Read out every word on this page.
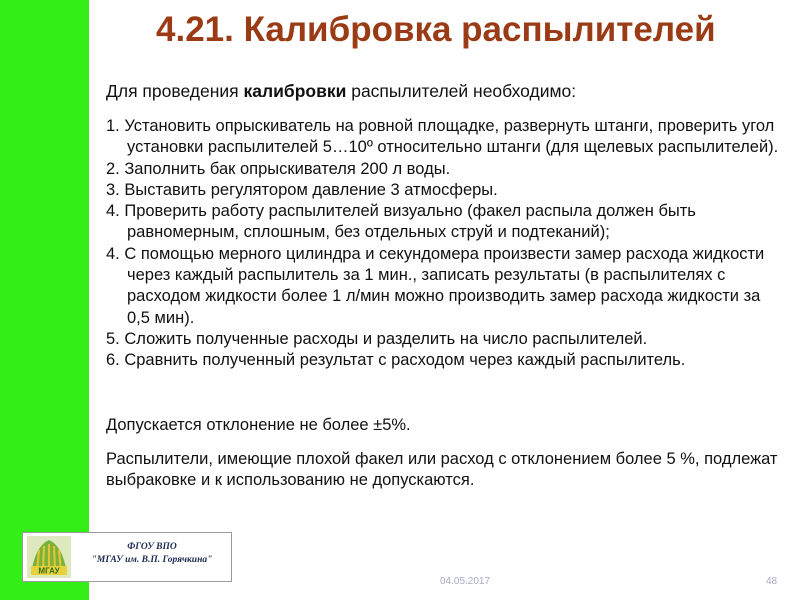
4.21. Калибровка распылителей
Для проведения калибровки распылителей необходимо:
1. Установить опрыскиватель на ровной площадке, развернуть штанги, проверить угол установки распылителей 5…10º относительно штанги (для щелевых распылителей).
2. Заполнить бак опрыскивателя 200 л воды.
3. Выставить регулятором давление 3 атмосферы.
4. Проверить работу распылителей визуально (факел распыла должен быть равномерным, сплошным, без отдельных струй и подтеканий);
4. С помощью мерного цилиндра и секундомера произвести замер расхода жидкости через каждый распылитель за 1 мин., записать результаты (в распылителях с расходом жидкости более 1 л/мин можно производить замер расхода жидкости за 0,5 мин).
5. Сложить полученные расходы и разделить на число распылителей.
6. Сравнить полученный результат с расходом через каждый распылитель.
Допускается отклонение не более ±5%.
Распылители, имеющие плохой факел или расход с отклонением более 5 %, подлежат выбраковке и к использованию не допускаются.
МГАУ
ФГОУ ВПО
"МГАУ им. В.П. Горячкина"
04.05.2017	48
